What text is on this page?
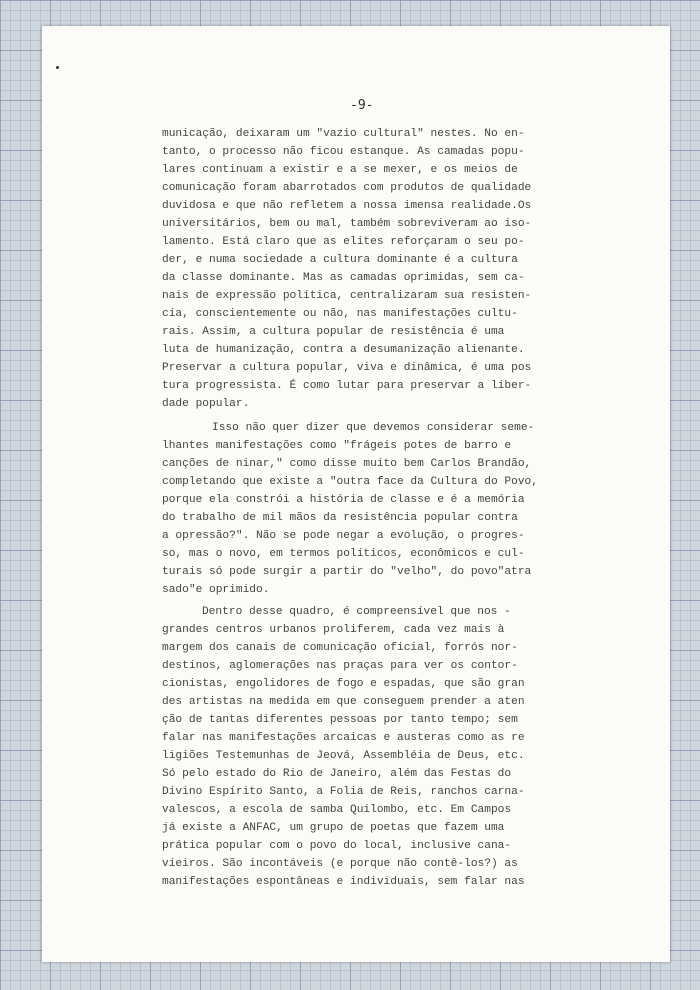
-9-
municação, deixaram um "vazio cultural" nestes. No en-
tanto, o processo não ficou estanque. As camadas popu-
lares continuam a existir e a se mexer, e os meios de
comunicação foram abarrotados com produtos de qualidade
duvidosa e que não refletem a nossa imensa realidade.Os
universitários, bem ou mal, também sobreviveram ao iso-
lamento. Está claro que as elites reforçaram o seu po-
der, e numa sociedade a cultura dominante é a cultura
da classe dominante. Mas as camadas oprimidas, sem ca-
nais de expressão política, centralizaram sua resisten-
cia, conscientemente ou não, nas manifestações cultu-
rais. Assim, a cultura popular de resistência é uma
luta de humanização, contra a desumanização alienante.
Preservar a cultura popular, viva e dinâmica, é uma pos
tura progressista. É como lutar para preservar a liber-
dade popular.
Isso não quer dizer que devemos considerar seme-
lhantes manifestações como "frágeis potes de barro e
canções de ninar," como disse muito bem Carlos Brandão,
completando que existe a "outra face da Cultura do Povo,
porque ela constrói a história de classe e é a memória
do trabalho de mil mãos da resistência popular contra
a opressão?". Não se pode negar a evolução, o progres-
so, mas o novo, em termos políticos, econômicos e cul-
turais só pode surgir a partir do "velho", do povo"atra
sado"e oprimido.
Dentro desse quadro, é compreensível que nos -
grandes centros urbanos proliferem, cada vez mais à
margem dos canais de comunicação oficial, forrós nor-
destinos, aglomerações nas praças para ver os contor-
cionistas, engolidores de fogo e espadas, que são gran
des artistas na medida em que conseguem prender a aten
ção de tantas diferentes pessoas por tanto tempo; sem
falar nas manifestações arcaicas e austeras como as re
ligiões Testemunhas de Jeová, Assembléia de Deus, etc.
Só pelo estado do Rio de Janeiro, além das Festas do
Divino Espírito Santo, a Folia de Reis, ranchos carna-
valescos, a escola de samba Quilombo, etc. Em Campos
já existe a ANFAC, um grupo de poetas que fazem uma
prática popular com o povo do local, inclusive cana-
vieiros. São incontáveis (e porque não contê-los?) as
manifestações espontâneas e individuais, sem falar nas
